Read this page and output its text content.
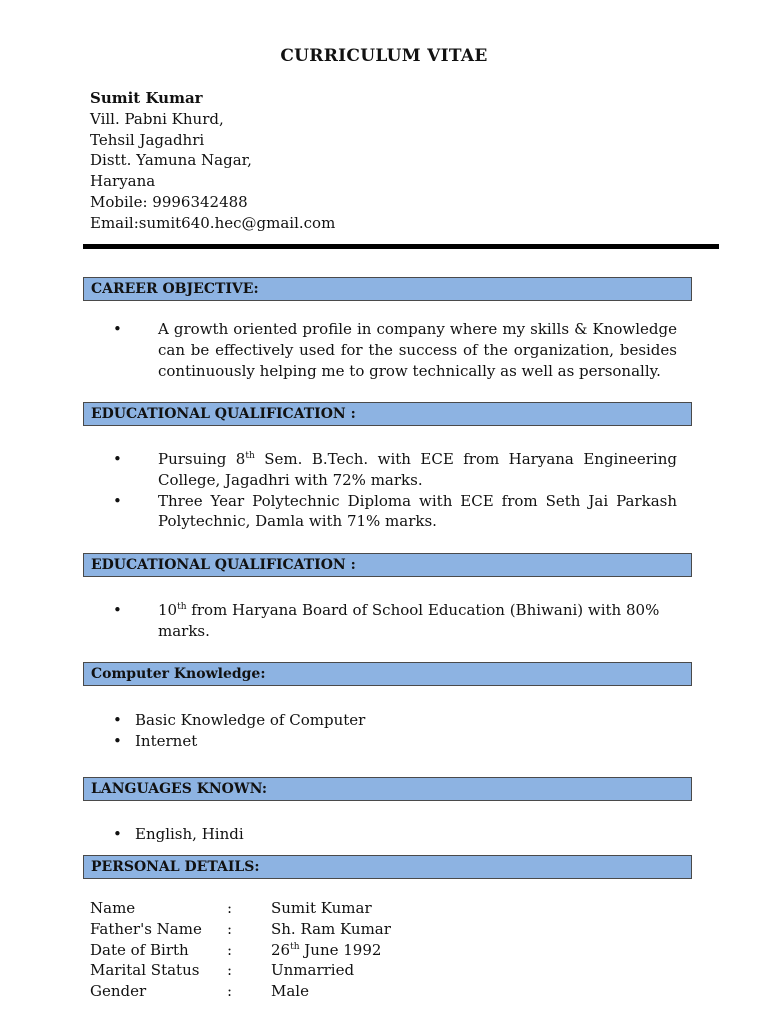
CURRICULUM VITAE
Sumit Kumar
Vill. Pabni Khurd,
Tehsil Jagadhri
Distt. Yamuna Nagar,
Haryana
Mobile: 9996342488
Email:sumit640.hec@gmail.com
CAREER OBJECTIVE:
• A growth oriented profile in company where my skills & Knowledge can be effectively used for the success of the organization, besides continuously helping me to grow technically as well as personally.
EDUCATIONAL QUALIFICATION :
• Pursuing 8th Sem. B.Tech. with ECE from Haryana Engineering College, Jagadhri with 72% marks.
• Three Year Polytechnic Diploma with ECE from Seth Jai Parkash Polytechnic, Damla with 71% marks.
EDUCATIONAL QUALIFICATION :
• 10th from Haryana Board of School Education (Bhiwani) with 80% marks.
Computer Knowledge:
• Basic Knowledge of Computer
• Internet
LANGUAGES KNOWN:
• English, Hindi
PERSONAL DETAILS:
Name	:	Sumit Kumar
Father's Name	:	Sh. Ram Kumar
Date of Birth	:	26th June 1992
Marital Status	:	Unmarried
Gender	:	Male
